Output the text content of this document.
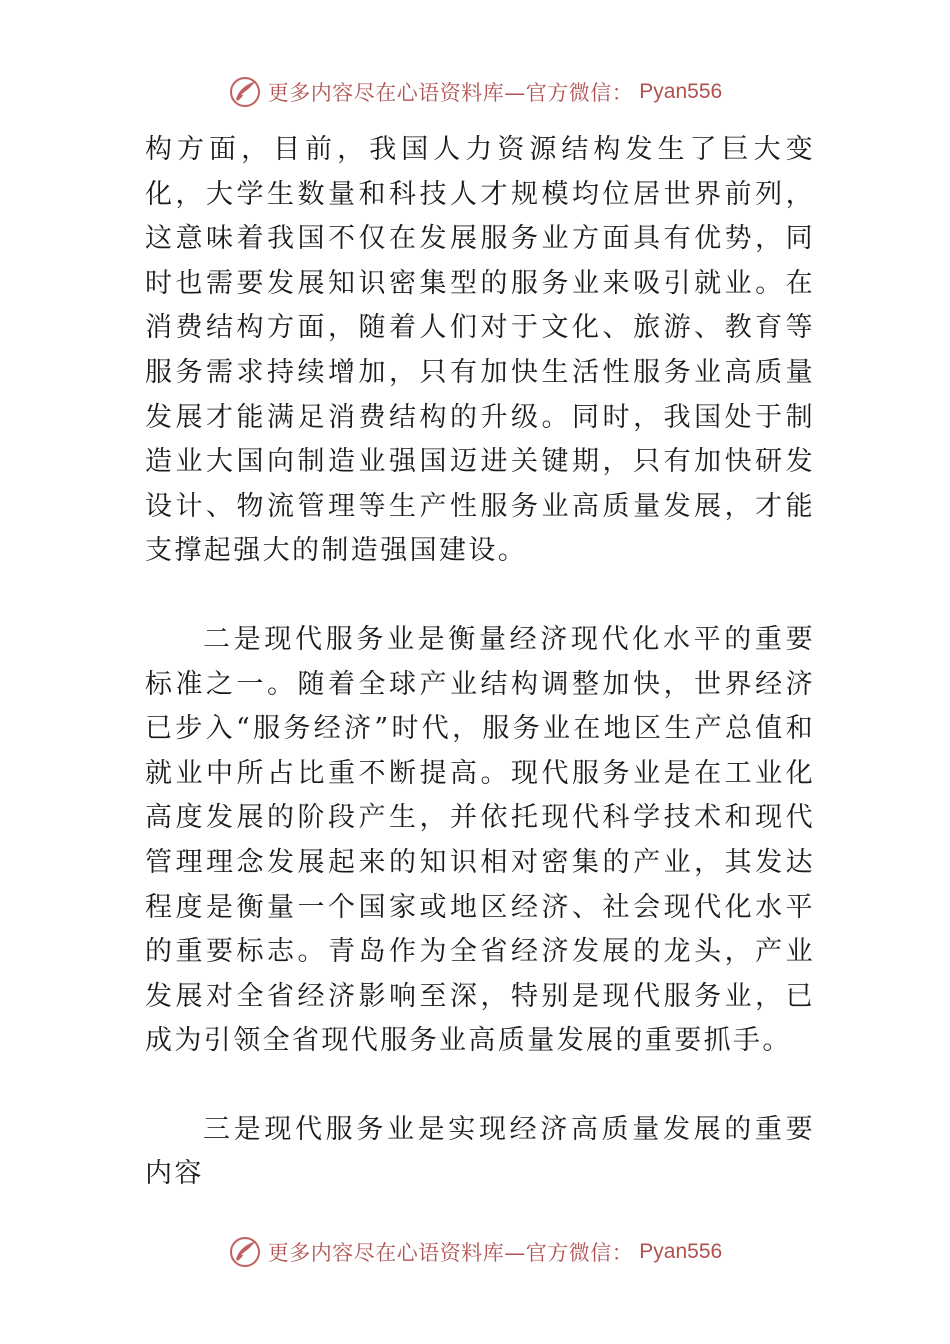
更多内容尽在心语资料库—官方微信： Pyan556

构方面，目前，我国人力资源结构发生了巨大变化，大学生数量和科技人才规模均位居世界前列，这意味着我国不仅在发展服务业方面具有优势，同时也需要发展知识密集型的服务业来吸引就业。在消费结构方面，随着人们对于文化、旅游、教育等服务需求持续增加，只有加快生活性服务业高质量发展才能满足消费结构的升级。同时，我国处于制造业大国向制造业强国迈进关键期，只有加快研发设计、物流管理等生产性服务业高质量发展，才能支撑起强大的制造强国建设。

二是现代服务业是衡量经济现代化水平的重要标准之一。随着全球产业结构调整加快，世界经济已步入“服务经济”时代，服务业在地区生产总值和就业中所占比重不断提高。现代服务业是在工业化高度发展的阶段产生，并依托现代科学技术和现代管理理念发展起来的知识相对密集的产业，其发达程度是衡量一个国家或地区经济、社会现代化水平的重要标志。青岛作为全省经济发展的龙头，产业发展对全省经济影响至深，特别是现代服务业，已成为引领全省现代服务业高质量发展的重要抓手。

三是现代服务业是实现经济高质量发展的重要内容

更多内容尽在心语资料库—官方微信： Pyan556
